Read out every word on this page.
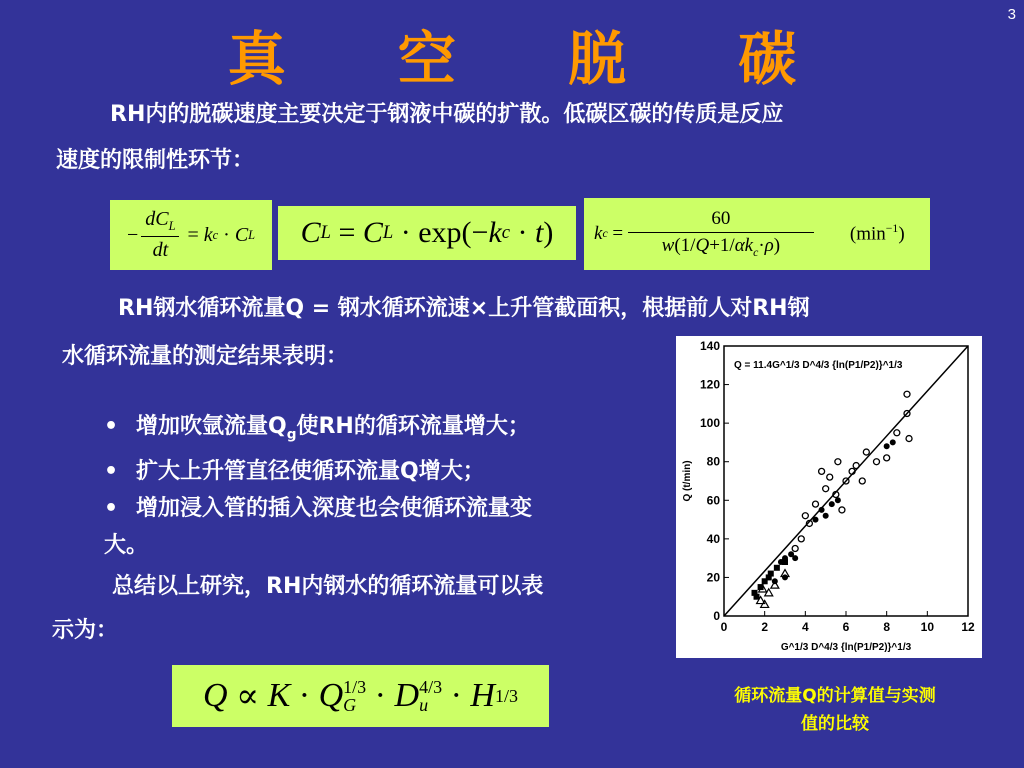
3
真 空 脱 碳
RH内的脱碳速度主要决定于钢液中碳的扩散。低碳区碳的传质是反应
速度的限制性环节：
− $\frac{dC_L}{dt} = k$ c · C L C L = C L · exp(− k c · t ) k $c = \frac{60}{w(1/Q+1/\alpha k_c\cdot\rho)} (\min^{-1})$
RH钢水循环流量Q = 钢水循环流速×上升管截面积，根据前人对RH钢
水循环流量的测定结果表明：
• 增加吹氩流量$Q_g$使RH的循环流量增大；
• 扩大上升管直径使循环流量Q增大；
• 增加浸入管的插入深度也会使循环流量变
大。
总结以上研究，RH内钢水的循环流量可以表
示为：
Q ∝ K · Q 1/3
G · D 4/3
u · H 1/3
0	2	4	6	8	10 12
0
20
40
60
80
100
120
140
G^1/3 D^4/3 {ln(P1/P2)}^1/3
Q (t/min)
Q = 11.4G^1/3 D^4/3 {ln(P1/P2)}^1/3
循环流量Q的计算值与实测
值的比较
